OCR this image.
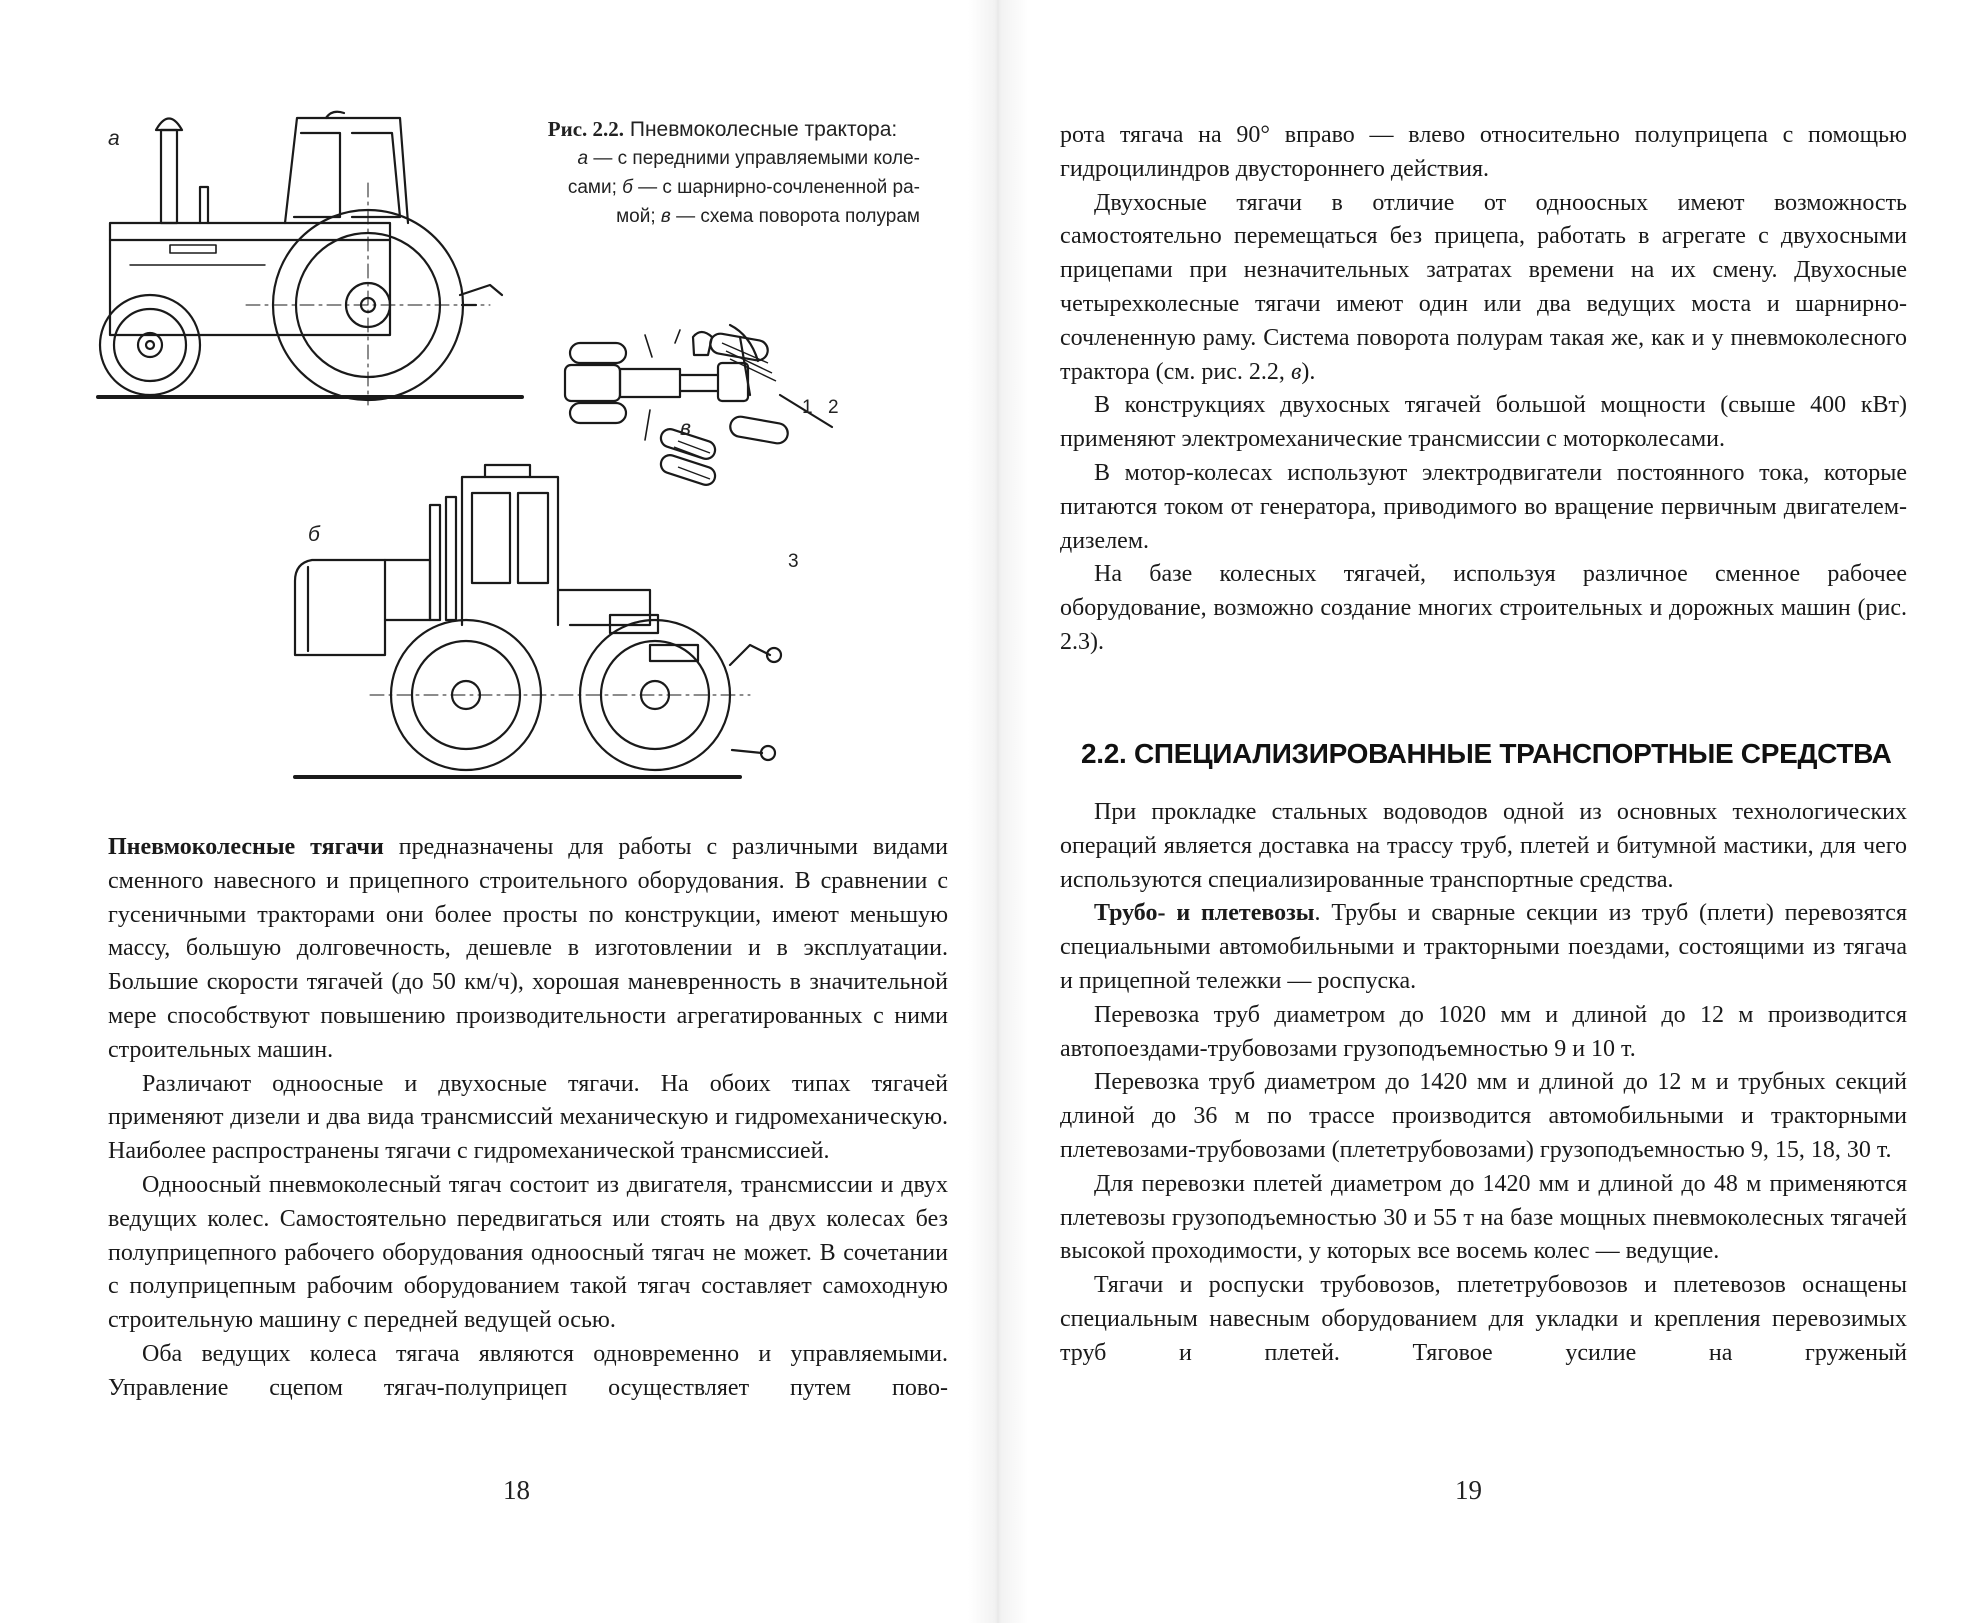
а
б
в
1 2
3
Рис. 2.2. Пневмоколесные трактора:
а — с передними управляемыми коле-
сами; б — с шарнирно-сочлененной ра-
мой; в — схема поворота полурам

Пневмоколесные тягачи предназначены для работы с различными видами сменного навесного и прицепного строительного оборудования. В сравнении с гусеничными тракторами они более просты по конструкции, имеют меньшую массу, большую долговечность, дешевле в изготовлении и в эксплуатации. Большие скорости тягачей (до 50 км/ч), хорошая маневренность в значительной мере способствуют повышению производительности агрегатированных с ними строительных машин.

Различают одноосные и двухосные тягачи. На обоих типах тягачей применяют дизели и два вида трансмиссий механическую и гидромеханическую. Наиболее распространены тягачи с гидромеханической трансмиссией.

Одноосный пневмоколесный тягач состоит из двигателя, трансмиссии и двух ведущих колес. Самостоятельно передвигаться или стоять на двух колесах без полуприцепного рабочего оборудования одноосный тягач не может. В сочетании с полуприцепным рабочим оборудованием такой тягач составляет самоходную строительную машину с передней ведущей осью.

Оба ведущих колеса тягача являются одновременно и управляемыми. Управление сцепом тягач-полуприцеп осуществляет путем пово-

18

рота тягача на 90° вправо — влево относительно полуприцепа с помощью гидроцилиндров двустороннего действия.

Двухосные тягачи в отличие от одноосных имеют возможность самостоятельно перемещаться без прицепа, работать в агрегате с двухосными прицепами при незначительных затратах времени на их смену. Двухосные четырехколесные тягачи имеют один или два ведущих моста и шарнирно-сочлененную раму. Система поворота полурам такая же, как и у пневмоколесного трактора (см. рис. 2.2, в).

В конструкциях двухосных тягачей большой мощности (свыше 400 кВт) применяют электромеханические трансмиссии с моторколесами.

В мотор-колесах используют электродвигатели постоянного тока, которые питаются током от генератора, приводимого во вращение первичным двигателем-дизелем.

На базе колесных тягачей, используя различное сменное рабочее оборудование, возможно создание многих строительных и дорожных машин (рис. 2.3).

2.2. СПЕЦИАЛИЗИРОВАННЫЕ ТРАНСПОРТНЫЕ СРЕДСТВА

При прокладке стальных водоводов одной из основных технологических операций является доставка на трассу труб, плетей и битумной мастики, для чего используются специализированные транспортные средства.

Трубо- и плетевозы. Трубы и сварные секции из труб (плети) перевозятся специальными автомобильными и тракторными поездами, состоящими из тягача и прицепной тележки — роспуска.

Перевозка труб диаметром до 1020 мм и длиной до 12 м производится автопоездами-трубовозами грузоподъемностью 9 и 10 т.

Перевозка труб диаметром до 1420 мм и длиной до 12 м и трубных секций длиной до 36 м по трассе производится автомобильными и тракторными плетевозами-трубовозами (плететрубовозами) грузоподъемностью 9, 15, 18, 30 т.

Для перевозки плетей диаметром до 1420 мм и длиной до 48 м применяются плетевозы грузоподъемностью 30 и 55 т на базе мощных пневмоколесных тягачей высокой проходимости, у которых все восемь колес — ведущие.

Тягачи и роспуски трубовозов, плететрубовозов и плетевозов оснащены специальным навесным оборудованием для укладки и крепления перевозимых труб и плетей. Тяговое усилие на груженый

19
